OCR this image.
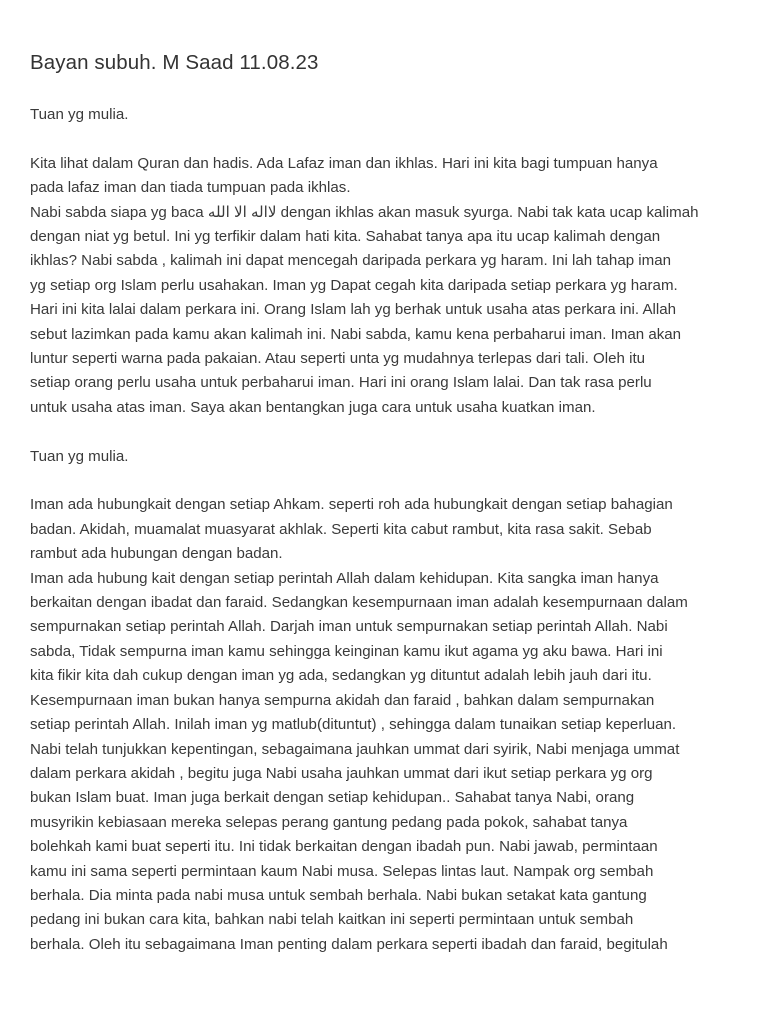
Bayan subuh. M Saad 11.08.23

Tuan yg mulia.

Kita lihat dalam Quran dan hadis. Ada Lafaz iman dan ikhlas. Hari ini kita bagi tumpuan hanya
pada lafaz iman dan tiada tumpuan pada ikhlas.

Nabi sabda siapa yg baca لااله الا الله dengan ikhlas akan masuk syurga. Nabi tak kata ucap kalimah
dengan niat yg betul. Ini yg terfikir dalam hati kita. Sahabat tanya apa itu ucap kalimah dengan
ikhlas? Nabi sabda , kalimah ini dapat mencegah daripada perkara yg haram. Ini lah tahap iman
yg setiap org Islam perlu usahakan. Iman yg Dapat cegah kita daripada setiap perkara yg haram.
Hari ini kita lalai dalam perkara ini. Orang Islam lah yg berhak untuk usaha atas perkara ini. Allah
sebut lazimkan pada kamu akan kalimah ini. Nabi sabda, kamu kena perbaharui iman. Iman akan
luntur seperti warna pada pakaian. Atau seperti unta yg mudahnya terlepas dari tali. Oleh itu
setiap orang perlu usaha untuk perbaharui iman. Hari ini orang Islam lalai. Dan tak rasa perlu
untuk usaha atas iman. Saya akan bentangkan juga cara untuk usaha kuatkan iman.

Tuan yg mulia.

Iman ada hubungkait dengan setiap Ahkam. seperti roh ada hubungkait dengan setiap bahagian
badan. Akidah, muamalat muasyarat akhlak. Seperti kita cabut rambut, kita rasa sakit. Sebab
rambut ada hubungan dengan badan.

Iman ada hubung kait dengan setiap perintah Allah dalam kehidupan. Kita sangka iman hanya
berkaitan dengan ibadat dan faraid. Sedangkan kesempurnaan iman adalah kesempurnaan dalam
sempurnakan setiap perintah Allah. Darjah iman untuk sempurnakan setiap perintah Allah. Nabi
sabda, Tidak sempurna iman kamu sehingga keinginan kamu ikut agama yg aku bawa. Hari ini
kita fikir kita dah cukup dengan iman yg ada, sedangkan yg dituntut adalah lebih jauh dari itu.
Kesempurnaan iman bukan hanya sempurna akidah dan faraid , bahkan dalam sempurnakan
setiap perintah Allah. Inilah iman yg matlub(dituntut) , sehingga dalam tunaikan setiap keperluan.
Nabi telah tunjukkan kepentingan, sebagaimana jauhkan ummat dari syirik, Nabi menjaga ummat
dalam perkara akidah , begitu juga Nabi usaha jauhkan ummat dari ikut setiap perkara yg org
bukan Islam buat. Iman juga berkait dengan setiap kehidupan.. Sahabat tanya Nabi, orang
musyrikin kebiasaan mereka selepas perang gantung pedang pada pokok, sahabat tanya
bolehkah kami buat seperti itu. Ini tidak berkaitan dengan ibadah pun. Nabi jawab, permintaan
kamu ini sama seperti permintaan kaum Nabi musa. Selepas lintas laut. Nampak org sembah
berhala. Dia minta pada nabi musa untuk sembah berhala. Nabi bukan setakat kata gantung
pedang ini bukan cara kita, bahkan nabi telah kaitkan ini seperti permintaan untuk sembah
berhala. Oleh itu sebagaimana Iman penting dalam perkara seperti ibadah dan faraid, begitulah
